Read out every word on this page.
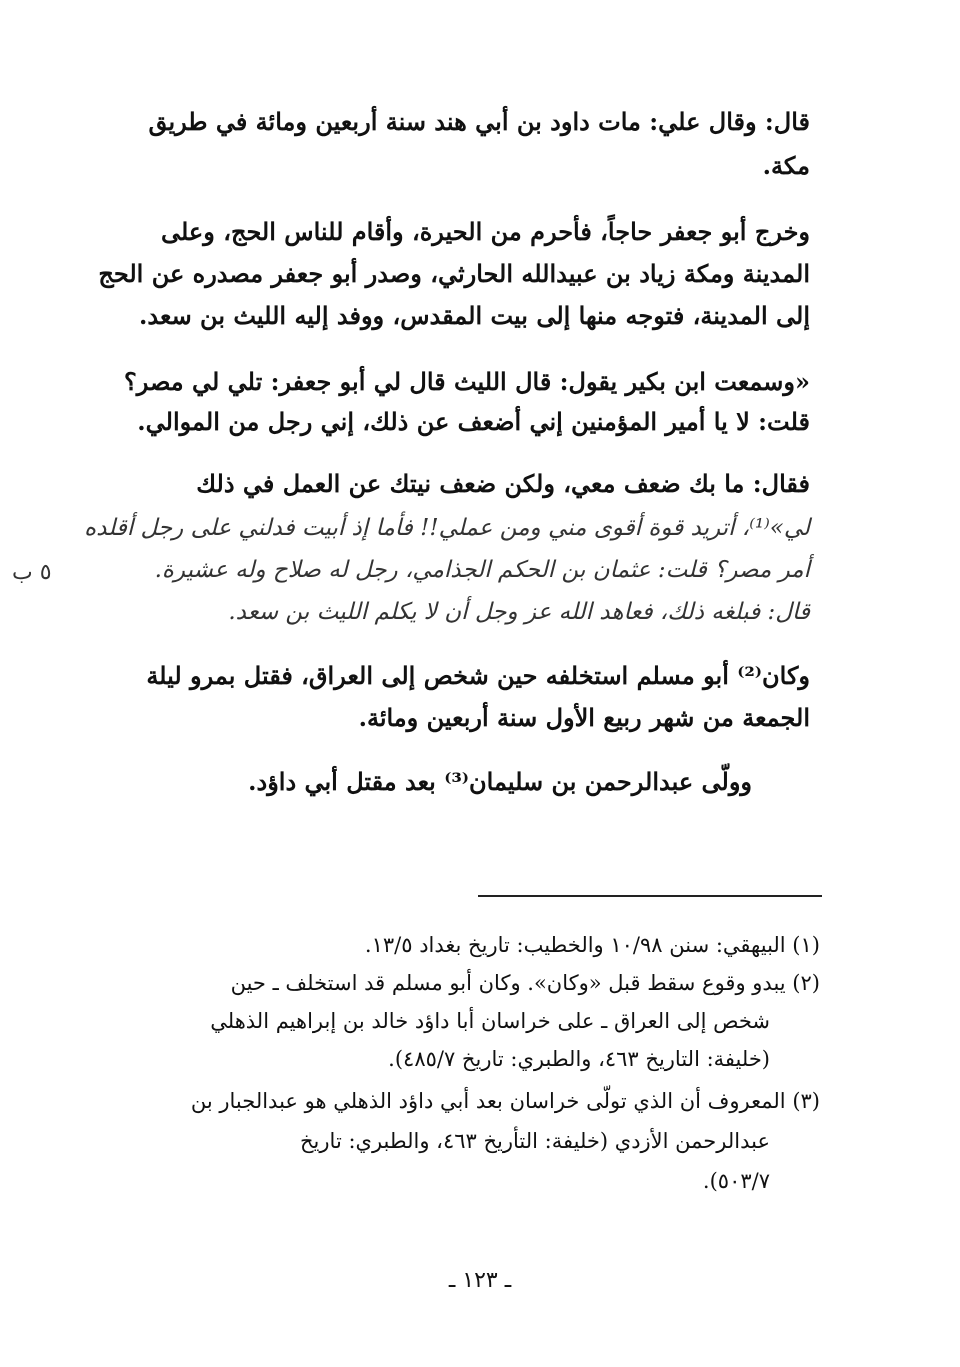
قال: وقال علي: مات داود بن أبي هند سنة أربعين ومائة في طريق
مكة.
وخرج أبو جعفر حاجاً، فأحرم من الحيرة، وأقام للناس الحج، وعلى
المدينة ومكة زياد بن عبيدالله الحارثي، وصدر أبو جعفر مصدره عن الحج
إلى المدينة، فتوجه منها إلى بيت المقدس، ووفد إليه الليث بن سعد.
«وسمعت ابن بكير يقول: قال الليث قال لي أبو جعفر: تلي لي مصر؟
قلت: لا يا أمير المؤمنين إني أضعف عن ذلك، إني رجل من الموالي.
فقال: ما بك ضعف معي، ولكن ضعف نيتك عن العمل في ذلك
لي»⁽¹⁾، أتريد قوة أقوى مني ومن عملي!! فأما إذ أبيت فدلني على رجل أقلده
أمر مصر؟ قلت: عثمان بن الحكم الجذامي، رجل له صلاح وله عشيرة.
قال: فبلغه ذلك، فعاهد الله عز وجل أن لا يكلم الليث بن سعد.
٥ ب
وكان⁽²⁾ أبو مسلم استخلفه حين شخص إلى العراق، فقتل بمرو ليلة
الجمعة من شهر ربيع الأول سنة أربعين ومائة.
وولّى عبدالرحمن بن سليمان⁽³⁾ بعد مقتل أبي داؤد.
(١) البيهقي: سنن ١٠/٩٨ والخطيب: تاريخ بغداد ١٣/٥.
(٢) يبدو وقوع سقط قبل «وكان». وكان أبو مسلم قد استخلف ـ حين
شخص إلى العراق ـ على خراسان أبا داؤد خالد بن إبراهيم الذهلي
(خليفة: التاريخ ٤٦٣، والطبري: تاريخ ٤٨٥/٧).
(٣) المعروف أن الذي تولّى خراسان بعد أبي داؤد الذهلي هو عبدالجبار بن
عبدالرحمن الأزدي (خليفة: التأريخ ٤٦٣، والطبري: تاريخ
٥٠٣/٧).
ـ ١٢٣ ـ
